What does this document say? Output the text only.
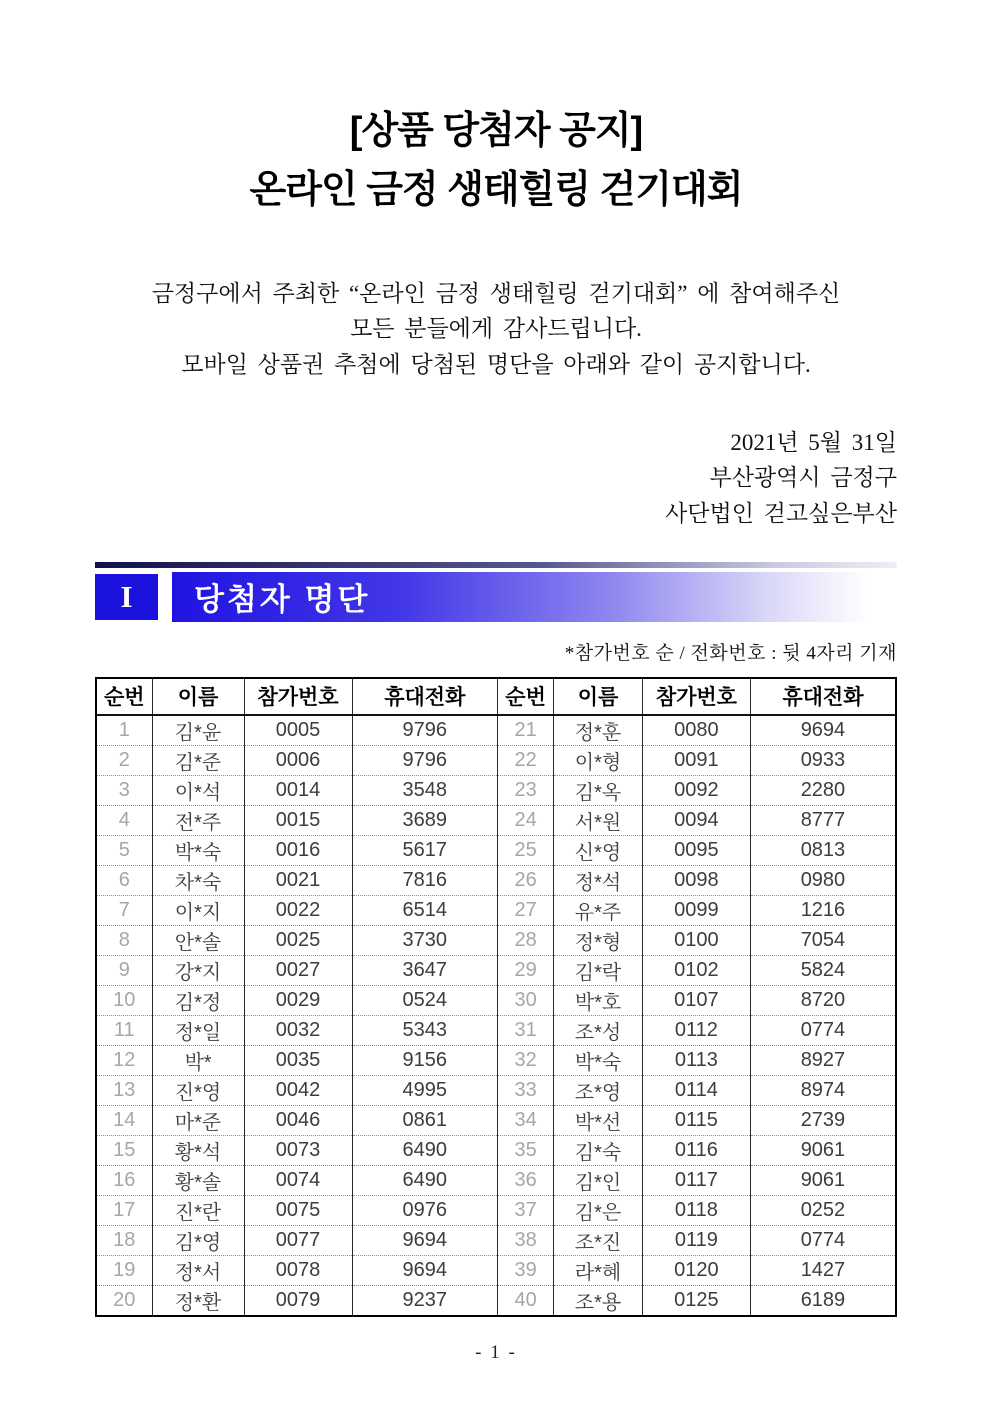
[상품 당첨자 공지]
온라인 금정 생태힐링 걷기대회

금정구에서 주최한 “온라인 금정 생태힐링 걷기대회” 에 참여해주신
모든 분들에게 감사드립니다.
모바일 상품권 추첨에 당첨된 명단을 아래와 같이 공지합니다.

2021년 5월 31일
부산광역시 금정구
사단법인 걷고싶은부산
I	당첨자 명단
*참가번호 순 / 전화번호 : 뒷 4자리 기재
순번	이름	참가번호	휴대전화	순번	이름	참가번호	휴대전화
1	김*윤	0005	9796	21	정*훈	0080	9694
2	김*준	0006	9796	22	이*형	0091	0933
3	이*석	0014	3548	23	김*옥	0092	2280
4	전*주	0015	3689	24	서*원	0094	8777
5	박*숙	0016	5617	25	신*영	0095	0813
6	차*숙	0021	7816	26	정*석	0098	0980
7	이*지	0022	6514	27	유*주	0099	1216
8	안*솔	0025	3730	28	정*형	0100	7054
9	강*지	0027	3647	29	김*락	0102	5824
10	김*정	0029	0524	30	박*호	0107	8720
11	정*일	0032	5343	31	조*성	0112	0774
12	박*	0035	9156	32	박*숙	0113	8927
13	진*영	0042	4995	33	조*영	0114	8974
14	마*준	0046	0861	34	박*선	0115	2739
15	황*석	0073	6490	35	김*숙	0116	9061
16	황*솔	0074	6490	36	김*인	0117	9061
17	진*란	0075	0976	37	김*은	0118	0252
18	김*영	0077	9694	38	조*진	0119	0774
19	정*서	0078	9694	39	라*혜	0120	1427
20	정*환	0079	9237	40	조*용	0125	6189
- 1 -
